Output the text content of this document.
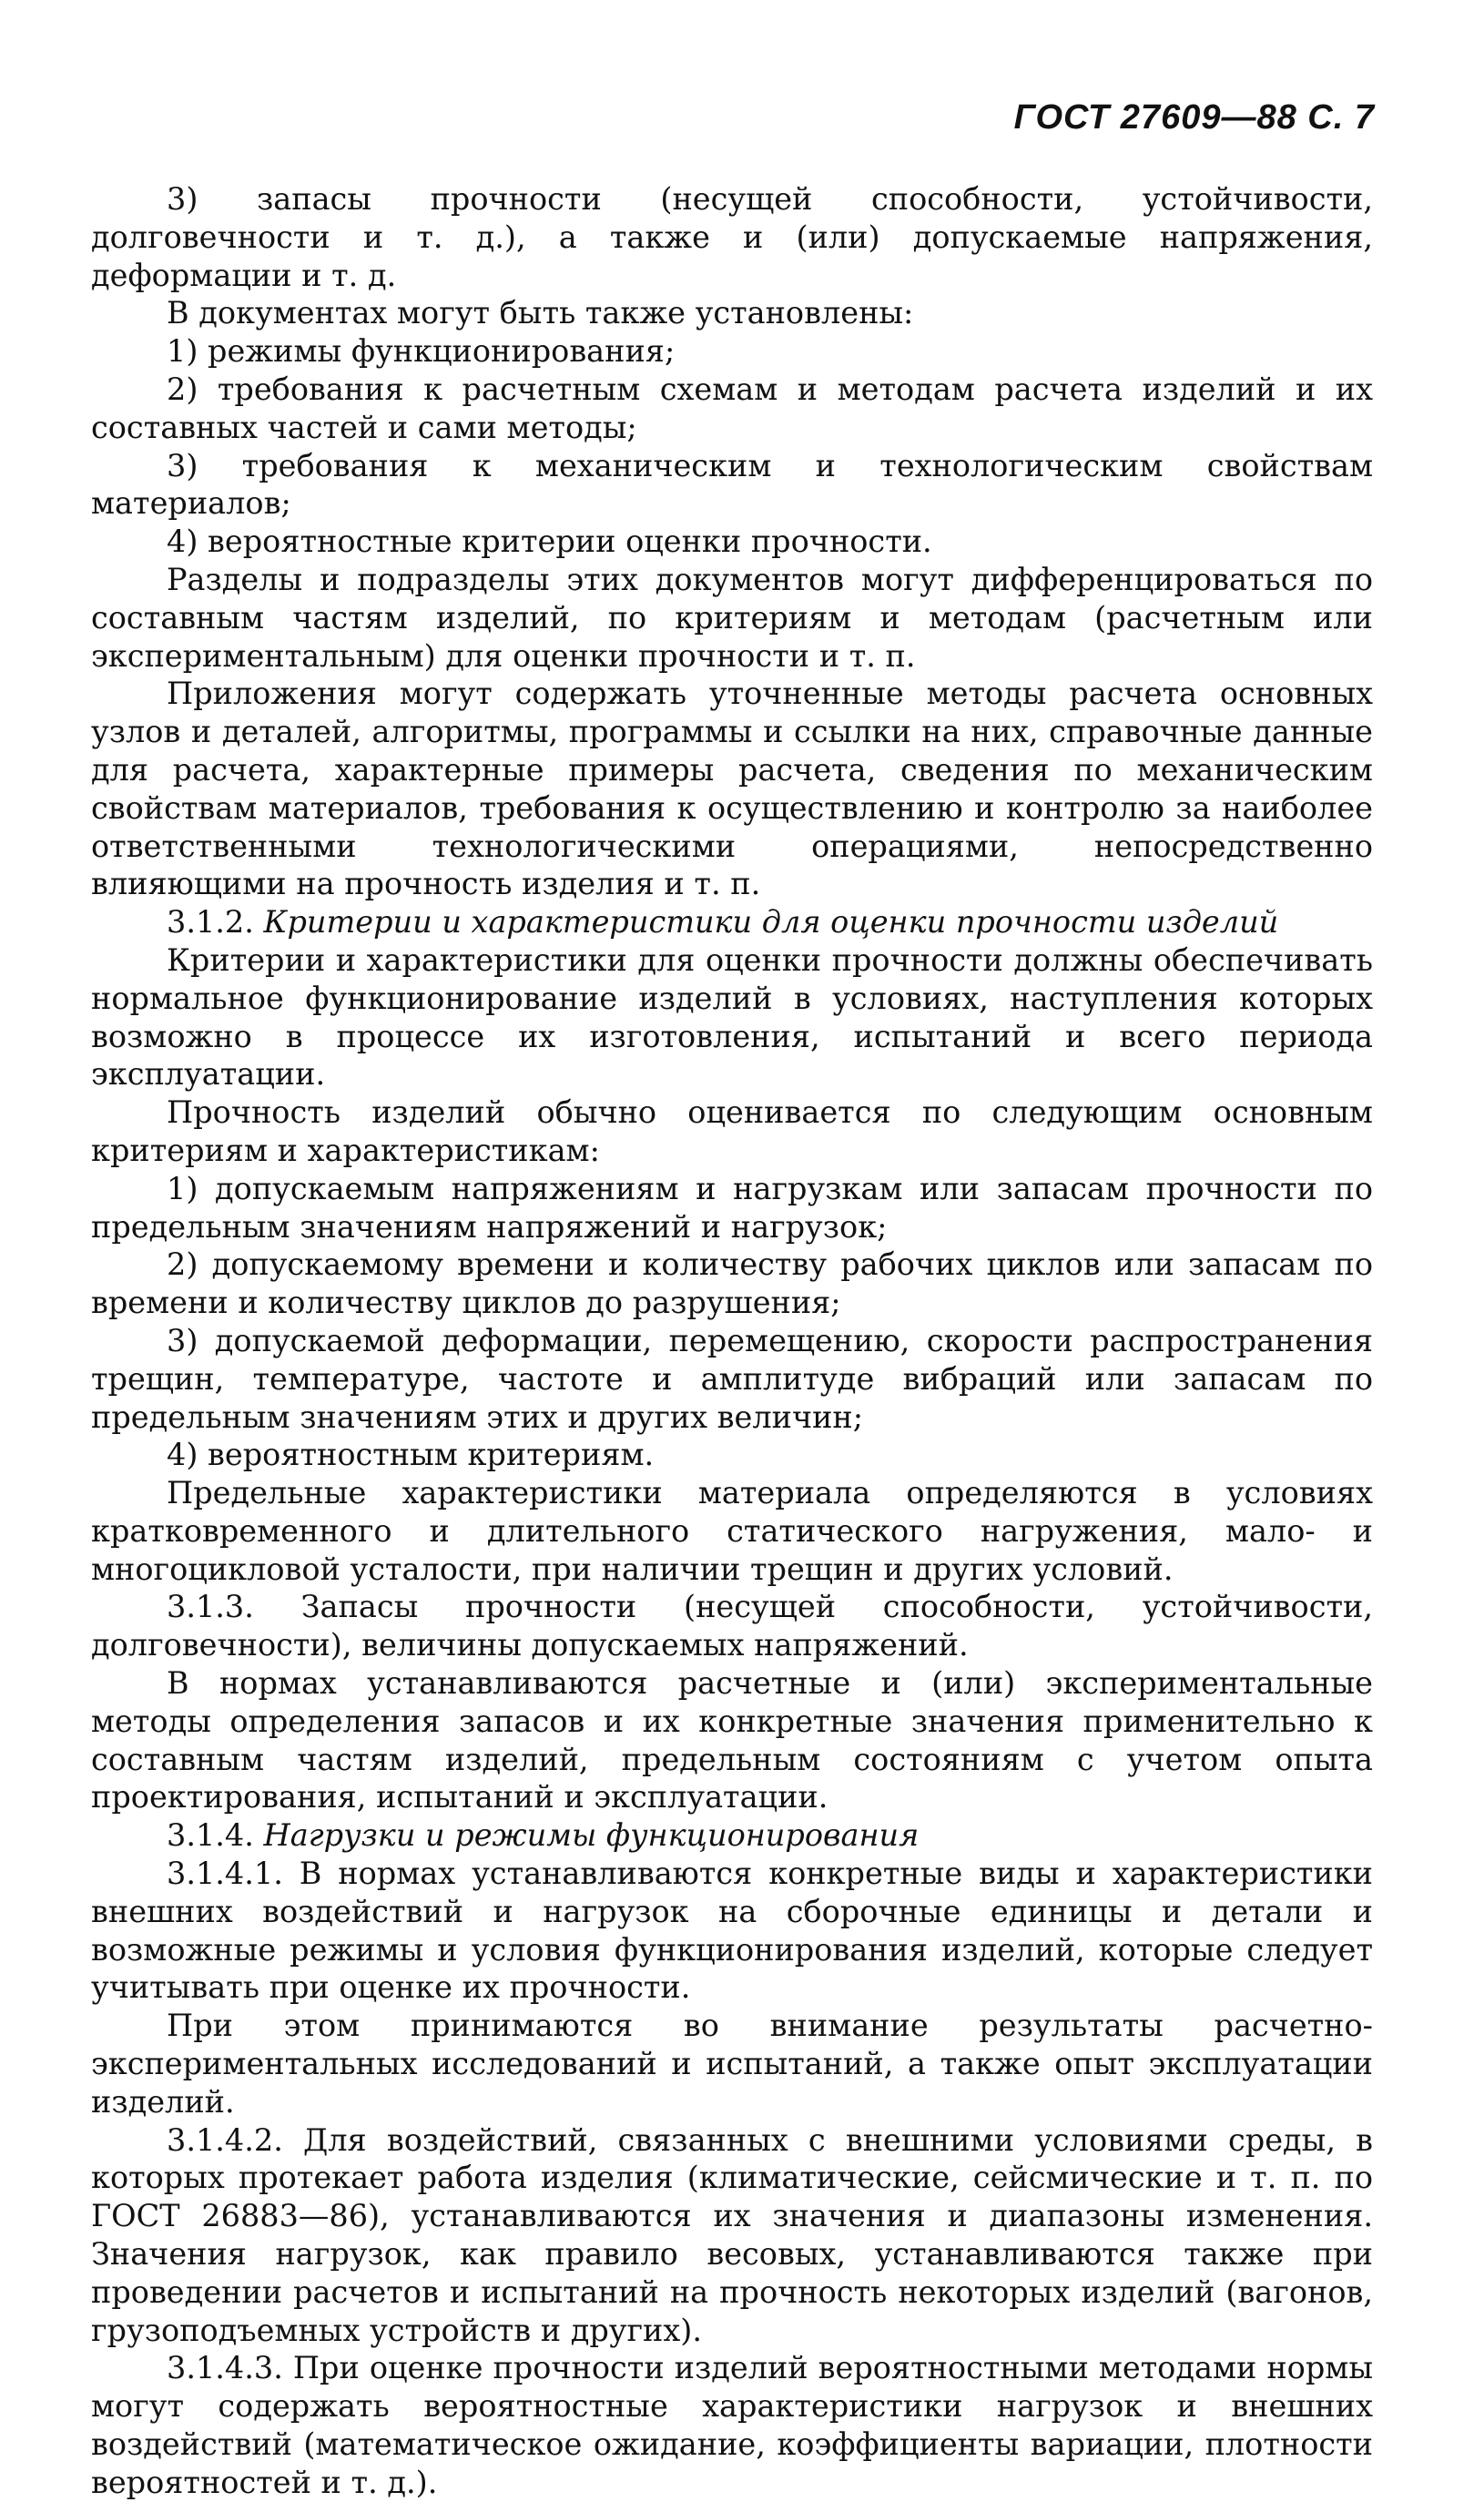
ГОСТ 27609—88 С. 7

3) запасы прочности (несущей способности, устойчивости, долговечности и т. д.), а также и (или) допускаемые напряжения, деформации и т. д.

В документах могут быть также установлены:

1) режимы функционирования;

2) требования к расчетным схемам и методам расчета изделий и их составных частей и сами методы;

3) требования к механическим и технологическим свойствам материалов;

4) вероятностные критерии оценки прочности.

Разделы и подразделы этих документов могут дифференцироваться по составным частям изделий, по критериям и методам (расчетным или экспериментальным) для оценки прочности и т. п.

Приложения могут содержать уточненные методы расчета основных узлов и деталей, алгоритмы, программы и ссылки на них, справочные данные для расчета, характерные примеры расчета, сведения по механическим свойствам материалов, требования к осуществлению и контролю за наиболее ответственными технологическими операциями, непосредственно влияющими на прочность изделия и т. п.

3.1.2. Критерии и характеристики для оценки прочности изделий

Критерии и характеристики для оценки прочности должны обеспечивать нормальное функционирование изделий в условиях, наступления которых возможно в процессе их изготовления, испытаний и всего периода эксплуатации.

Прочность изделий обычно оценивается по следующим основным критериям и характеристикам:

1) допускаемым напряжениям и нагрузкам или запасам прочности по предельным значениям напряжений и нагрузок;

2) допускаемому времени и количеству рабочих циклов или запасам по времени и количеству циклов до разрушения;

3) допускаемой деформации, перемещению, скорости распространения трещин, температуре, частоте и амплитуде вибраций или запасам по предельным значениям этих и других величин;

4) вероятностным критериям.

Предельные характеристики материала определяются в условиях кратковременного и длительного статического нагружения, мало- и многоцикловой усталости, при наличии трещин и других условий.

3.1.3. Запасы прочности (несущей способности, устойчивости, долговечности), величины допускаемых напряжений.

В нормах устанавливаются расчетные и (или) экспериментальные методы определения запасов и их конкретные значения применительно к составным частям изделий, предельным состояниям с учетом опыта проектирования, испытаний и эксплуатации.

3.1.4. Нагрузки и режимы функционирования

3.1.4.1. В нормах устанавливаются конкретные виды и характеристики внешних воздействий и нагрузок на сборочные единицы и детали и возможные режимы и условия функционирования изделий, которые следует учитывать при оценке их прочности.

При этом принимаются во внимание результаты расчетно-экспериментальных исследований и испытаний, а также опыт эксплуатации изделий.

3.1.4.2. Для воздействий, связанных с внешними условиями среды, в которых протекает работа изделия (климатические, сейсмические и т. п. по ГОСТ 26883—86), устанавливаются их значения и диапазоны изменения. Значения нагрузок, как правило весовых, устанавливаются также при проведении расчетов и испытаний на прочность некоторых изделий (вагонов, грузоподъемных устройств и других).

3.1.4.3. При оценке прочности изделий вероятностными методами нормы могут содержать вероятностные характеристики нагрузок и внешних воздействий (математическое ожидание, коэффициенты вариации, плотности вероятностей и т. д.).
